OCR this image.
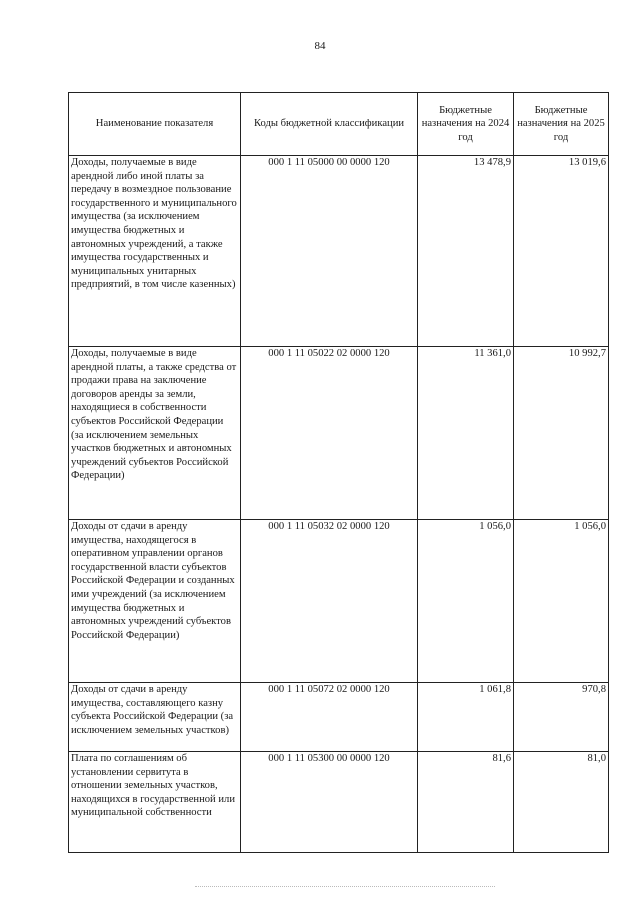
84
Наименование показателя	Коды бюджетной классификации	Бюджетные назначения на 2024 год	Бюджетные назначения на 2025 год
Доходы, получаемые в виде арендной либо иной платы за передачу в возмездное пользование государственного и муниципального имущества (за исключением имущества бюджетных и автономных учреждений, а также имущества государственных и муниципальных унитарных предприятий, в том числе казенных)	000 1 11 05000 00 0000 120	13 478,9	13 019,6
Доходы, получаемые в виде арендной платы, а также средства от продажи права на заключение договоров аренды за земли, находящиеся в собственности субъектов Российской Федерации (за исключением земельных участков бюджетных и автономных учреждений субъектов Российской Федерации)	000 1 11 05022 02 0000 120	11 361,0	10 992,7
Доходы от сдачи в аренду имущества, находящегося в оперативном управлении органов государственной власти субъектов Российской Федерации и созданных ими учреждений (за исключением имущества бюджетных и автономных учреждений субъектов Российской Федерации)	000 1 11 05032 02 0000 120	1 056,0	1 056,0
Доходы от сдачи в аренду имущества, составляющего казну субъекта Российской Федерации (за исключением земельных участков)	000 1 11 05072 02 0000 120	1 061,8	970,8
Плата по соглашениям об установлении сервитута в отношении земельных участков, находящихся в государственной или муниципальной собственности	000 1 11 05300 00 0000 120	81,6	81,0
